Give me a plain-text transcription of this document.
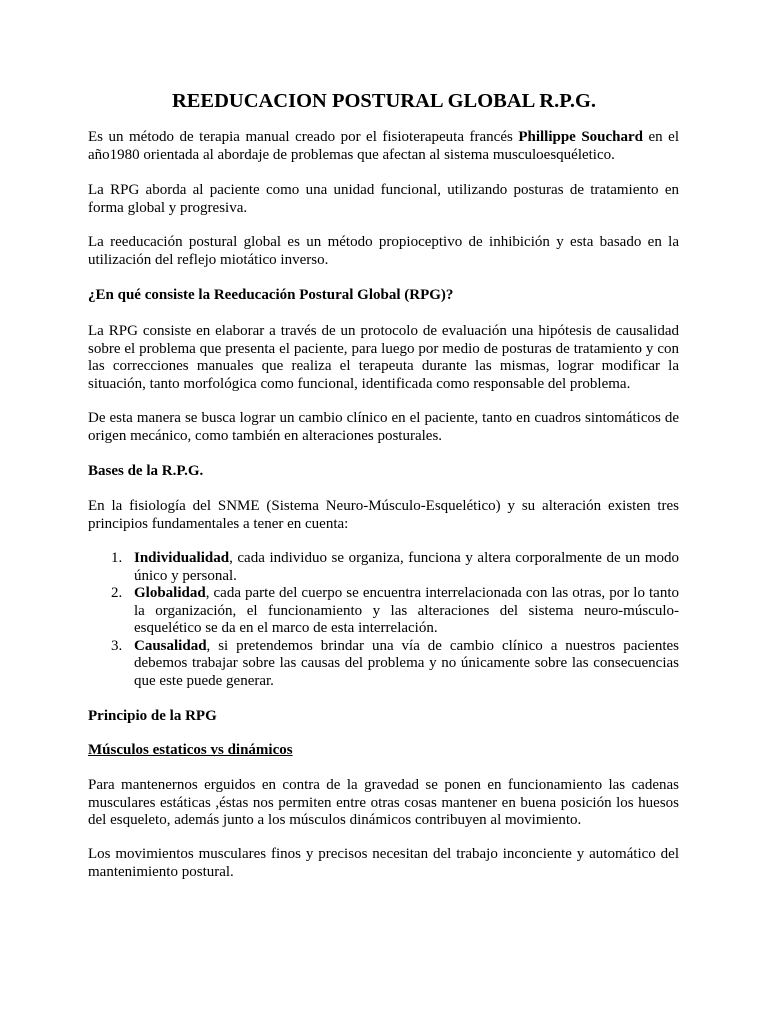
REEDUCACION POSTURAL GLOBAL R.P.G.

Es un método de terapia manual creado por el fisioterapeuta francés Phillippe Souchard en el año1980 orientada al abordaje de problemas que afectan al sistema musculoesquéletico.

La RPG aborda al paciente como una unidad funcional, utilizando posturas de tratamiento en forma global y progresiva.

La reeducación postural global es un método propioceptivo de inhibición y esta basado en la utilización del reflejo miotático inverso.

¿En qué consiste la Reeducación Postural Global (RPG)?

La RPG consiste en elaborar a través de un protocolo de evaluación una hipótesis de causalidad sobre el problema que presenta el paciente, para luego por medio de posturas de tratamiento y con las correcciones manuales que realiza el terapeuta durante las mismas, lograr modificar la situación, tanto morfológica como funcional, identificada como responsable del problema.

De esta manera se busca lograr un cambio clínico en el paciente, tanto en cuadros sintomáticos de origen mecánico, como también en alteraciones posturales.

Bases de la R.P.G.

En la fisiología del SNME (Sistema Neuro-Músculo-Esquelético) y su alteración existen tres principios fundamentales a tener en cuenta:

1. Individualidad, cada individuo se organiza, funciona y altera corporalmente de un modo único y personal.
2. Globalidad, cada parte del cuerpo se encuentra interrelacionada con las otras, por lo tanto la organización, el funcionamiento y las alteraciones del sistema neuro-músculo-esquelético se da en el marco de esta interrelación.
3. Causalidad, si pretendemos brindar una vía de cambio clínico a nuestros pacientes debemos trabajar sobre las causas del problema y no únicamente sobre las consecuencias que este puede generar.

Principio de la RPG

Músculos estaticos vs dinámicos

Para mantenernos erguidos en contra de la gravedad se ponen en funcionamiento las cadenas musculares estáticas ,éstas nos permiten entre otras cosas mantener en buena posición los huesos del esqueleto, además junto a los músculos dinámicos contribuyen al movimiento.

Los movimientos musculares finos y precisos necesitan del trabajo inconciente y automático del mantenimiento postural.
